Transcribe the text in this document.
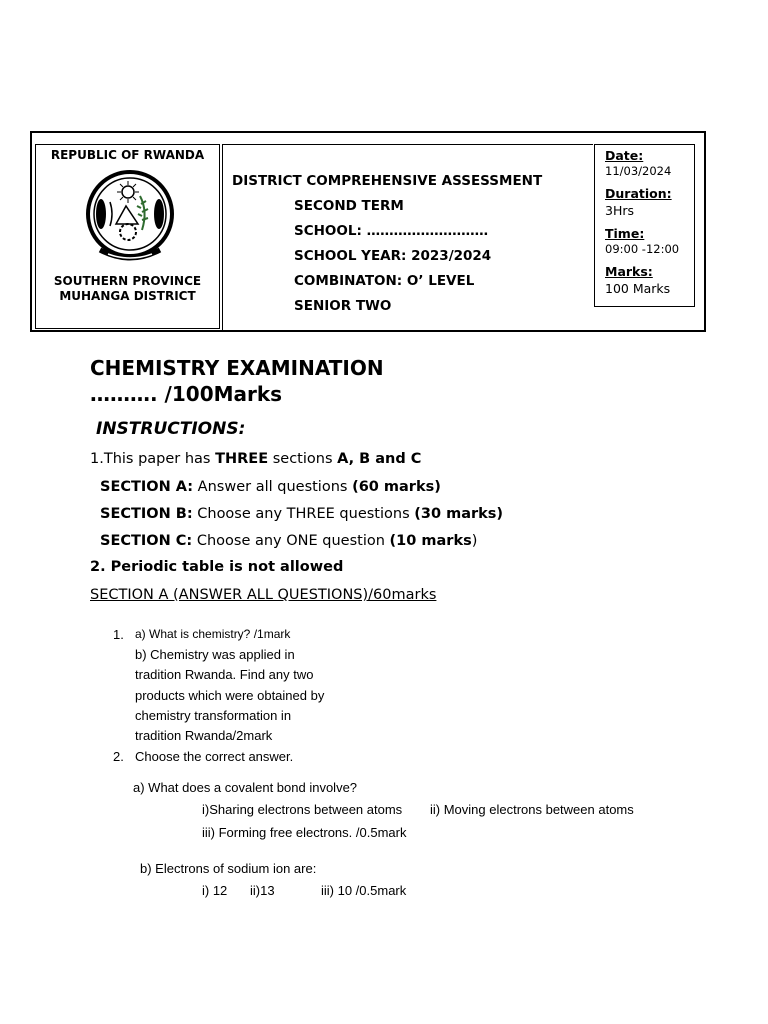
REPUBLIC OF RWANDA
SOUTHERN PROVINCE
MUHANGA DISTRICT
DISTRICT COMPREHENSIVE ASSESSMENT
SECOND TERM
SCHOOL: ………………………
SCHOOL YEAR: 2023/2024
COMBINATON: O’ LEVEL
SENIOR TWO
Date:
11/03/2024
Duration:
3Hrs
Time:
09:00 -12:00
Marks:
100 Marks
CHEMISTRY EXAMINATION
………. /100Marks
INSTRUCTIONS:
1.This paper has THREE sections A, B and C
SECTION A: Answer all questions (60 marks)
SECTION B: Choose any THREE questions (30 marks)
SECTION C: Choose any ONE question (10 marks)
2. Periodic table is not allowed
SECTION A (ANSWER ALL QUESTIONS)/60marks
1. a) What is chemistry? /1mark
b) Chemistry was applied in
tradition Rwanda. Find any two
products which were obtained by
chemistry transformation in
tradition Rwanda/2mark
2. Choose the correct answer.
a) What does a covalent bond involve?
i)Sharing electrons between atoms ii) Moving electrons between atoms
iii) Forming free electrons. /0.5mark
b) Electrons of sodium ion are:
i) 12 ii)13	iii) 10 /0.5mark
